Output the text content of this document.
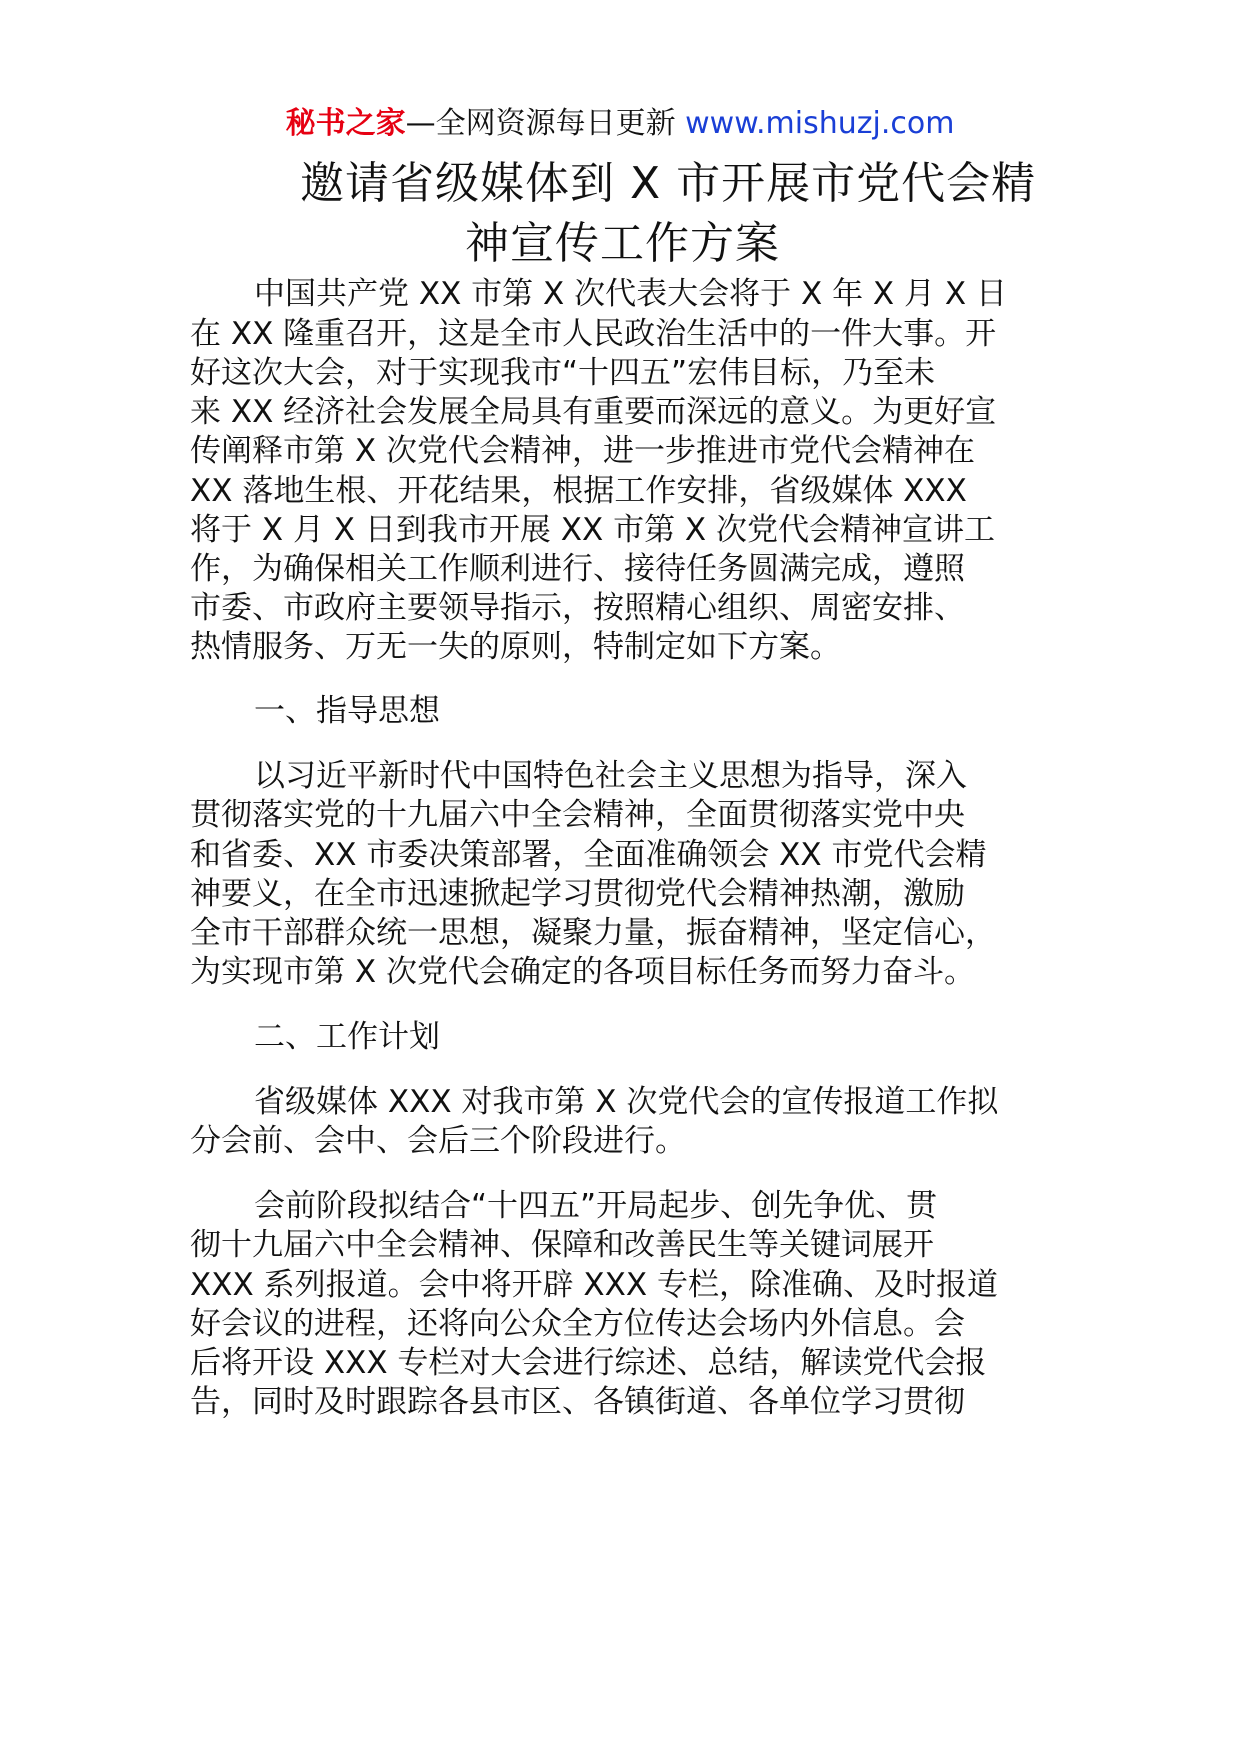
秘书之家—全网资源每日更新 www.mishuzj.com
邀请省级媒体到 X 市开展市党代会精
神宣传工作方案
中国共产党 XX 市第 X 次代表大会将于 X 年 X 月 X 日
在 XX 隆重召开，这是全市人民政治生活中的一件大事。开
好这次大会，对于实现我市“十四五”宏伟目标，乃至未
来 XX 经济社会发展全局具有重要而深远的意义。为更好宣
传阐释市第 X 次党代会精神，进一步推进市党代会精神在
XX 落地生根、开花结果，根据工作安排，省级媒体 XXX
将于 X 月 X 日到我市开展 XX 市第 X 次党代会精神宣讲工
作，为确保相关工作顺利进行、接待任务圆满完成，遵照
市委、市政府主要领导指示，按照精心组织、周密安排、
热情服务、万无一失的原则，特制定如下方案。
一、指导思想
以习近平新时代中国特色社会主义思想为指导，深入
贯彻落实党的十九届六中全会精神，全面贯彻落实党中央
和省委、XX 市委决策部署，全面准确领会 XX 市党代会精
神要义，在全市迅速掀起学习贯彻党代会精神热潮，激励
全市干部群众统一思想，凝聚力量，振奋精神，坚定信心，
为实现市第 X 次党代会确定的各项目标任务而努力奋斗。
二、工作计划
省级媒体 XXX 对我市第 X 次党代会的宣传报道工作拟
分会前、会中、会后三个阶段进行。
会前阶段拟结合“十四五”开局起步、创先争优、贯
彻十九届六中全会精神、保障和改善民生等关键词展开
XXX 系列报道。会中将开辟 XXX 专栏，除准确、及时报道
好会议的进程，还将向公众全方位传达会场内外信息。会
后将开设 XXX 专栏对大会进行综述、总结，解读党代会报
告，同时及时跟踪各县市区、各镇街道、各单位学习贯彻
